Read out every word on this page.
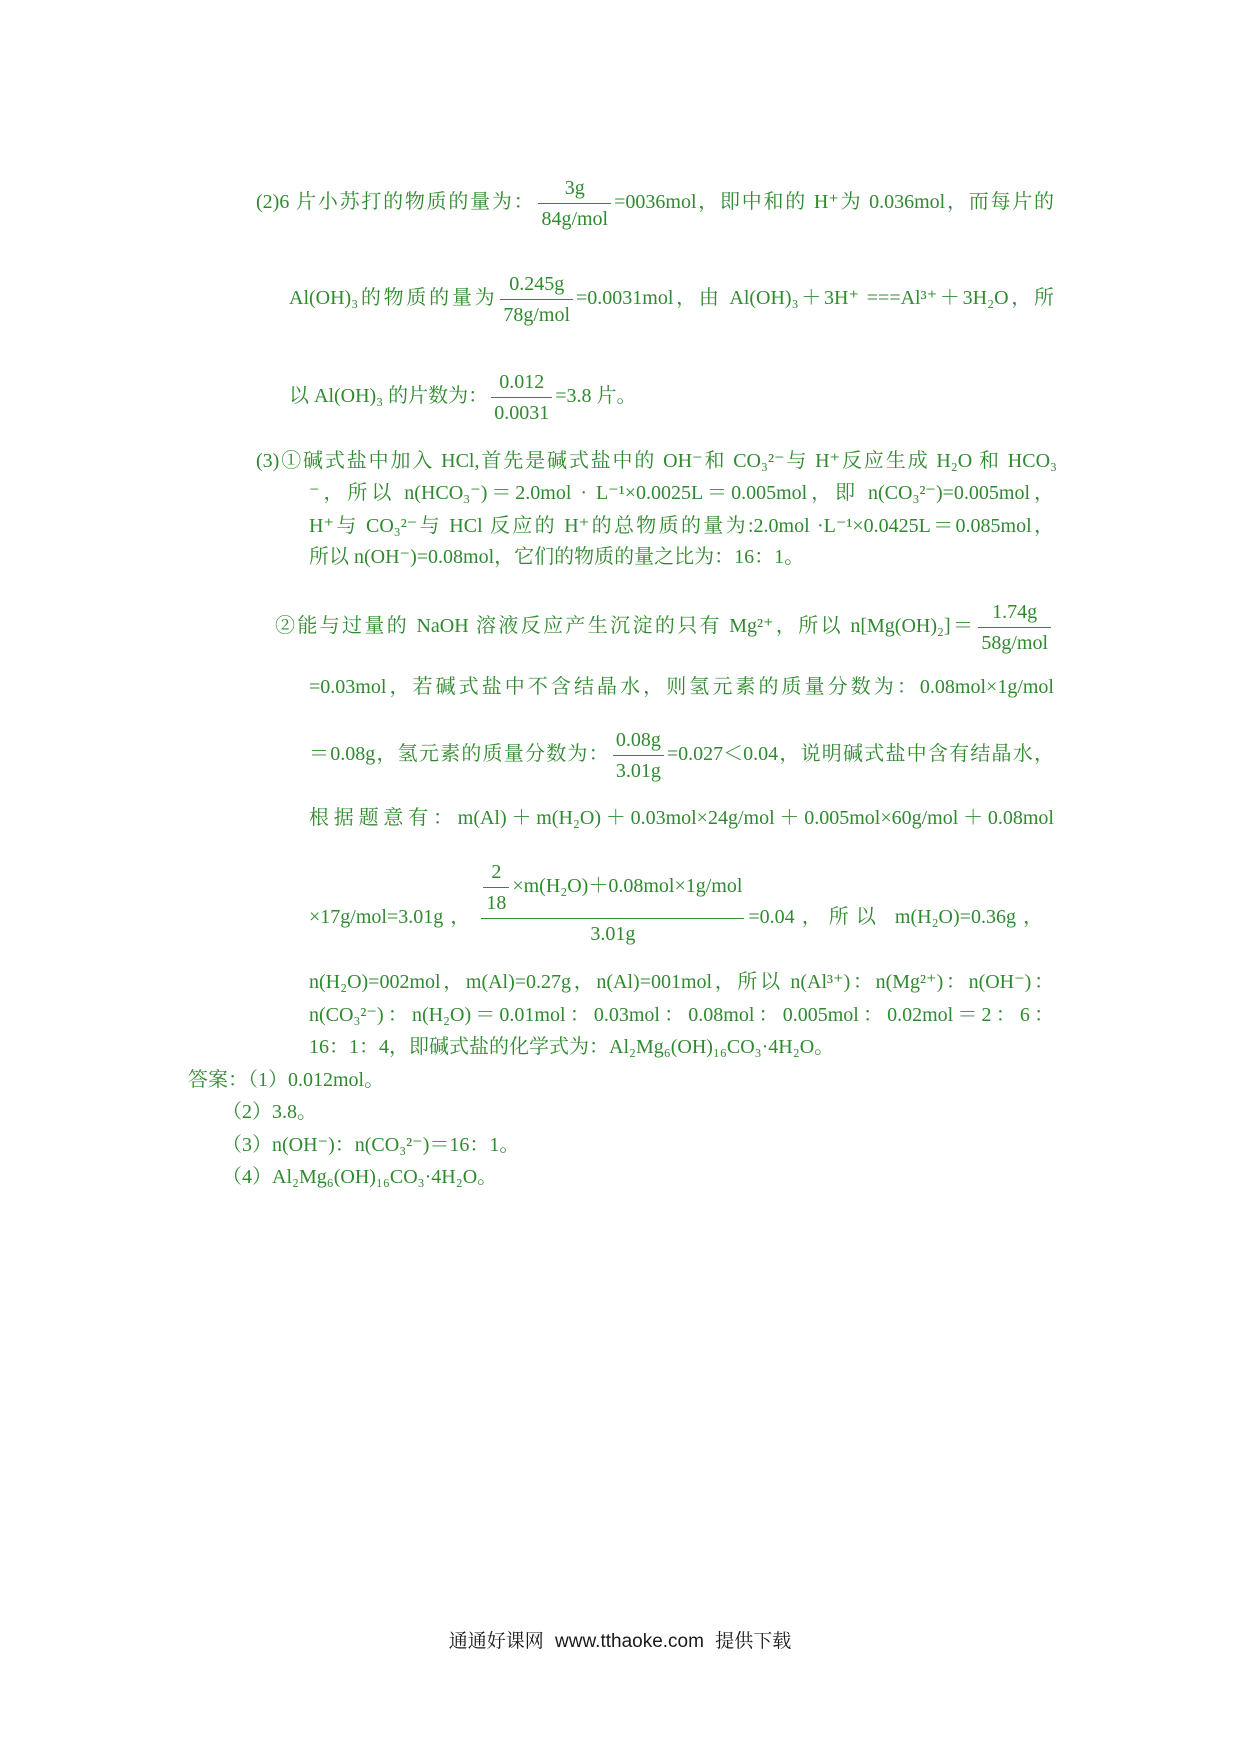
(2)6 片小苏打的物质的量为： $\frac{3g}{\text{84g/mol}} =0036mol$，即中和的 H⁺为 0.036mol，而每片的
Al(OH)₃的物质的量为 $\frac{0.245g}{\text{78g/mol}} =0.0031mol$，由 Al(OH)₃＋3H⁺ ===Al³⁺＋3H₂O，所
以 Al(OH)₃ 的片数为： $\frac{0.012}{0.0031} =3.8$ 片。
(3)①碱式盐中加入 HCl,首先是碱式盐中的 OH⁻和 CO₃²⁻与 H⁺反应生成 H₂O 和 HCO₃
⁻，所以 n(HCO₃⁻)＝2.0mol · L⁻¹×0.0025L＝0.005mol，即 n(CO₃²⁻)=0.005mol，
H⁺与 CO₃²⁻与 HCl 反应的 H⁺的总物质的量为:2.0mol ·L⁻¹×0.0425L＝0.085mol，
所以 n(OH⁻)=0.08mol，它们的物质的量之比为：16：1。
②能与过量的 NaOH 溶液反应产生沉淀的只有 Mg²⁺，所以 $n[Mg(OH)_2]= \frac{1.74g}{\text{58g/mol}}$
=0.03mol，若碱式盐中不含结晶水，则氢元素的质量分数为：0.08mol×1g/mol
＝0.08g，氢元素的质量分数为： $\frac{0.08g}{3.01g} =0.027<0.04$，说明碱式盐中含有结晶水，
根据题意有：m(Al)＋m(H₂O)＋0.03mol×24g/mol＋0.005mol×60g/mol＋0.08mol
×17g/mol=3.01g， $\frac{2}{18} \times m(H_2O)+0.08mol\times 1g/mol$
3.01g
=0.04，所以 m(H₂O)=0.36g，
n(H₂O)=002mol，m(Al)=0.27g，n(Al)=001mol，所以 n(Al³⁺)：n(Mg²⁺)：n(OH⁻)：
n(CO₃²⁻)：n(H₂O)＝0.01mol：0.03mol：0.08mol：0.005mol：0.02mol＝2：6：
16：1：4，即碱式盐的化学式为：Al₂Mg₆(OH)₁₆CO₃·4H₂O。
答案：（1）0.012mol。
（2）3.8。
（3）n(OH⁻)：n(CO₃²⁻)＝16：1。
（4）Al₂Mg₆(OH)₁₆CO₃·4H₂O。
通通好课网 www.tthaoke.com 提供下载
